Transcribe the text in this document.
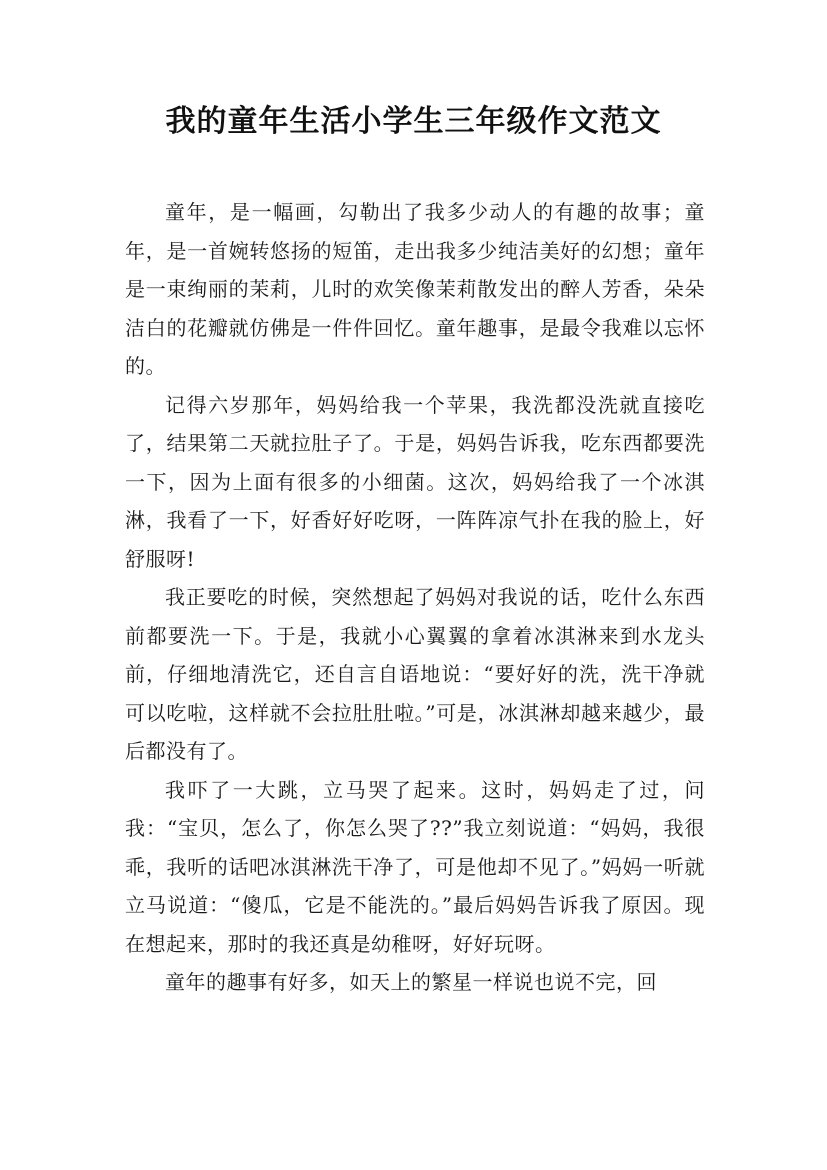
我的童年生活小学生三年级作文范文

童年，是一幅画，勾勒出了我多少动人的有趣的故事；童年，是一首婉转悠扬的短笛，走出我多少纯洁美好的幻想；童年是一束绚丽的茉莉，儿时的欢笑像茉莉散发出的醉人芳香，朵朵洁白的花瓣就仿佛是一件件回忆。童年趣事，是最令我难以忘怀的。

记得六岁那年，妈妈给我一个苹果，我洗都没洗就直接吃了，结果第二天就拉肚子了。于是，妈妈告诉我，吃东西都要洗一下，因为上面有很多的小细菌。这次，妈妈给我了一个冰淇淋，我看了一下，好香好好吃呀，一阵阵凉气扑在我的脸上，好舒服呀!

我正要吃的时候，突然想起了妈妈对我说的话，吃什么东西前都要洗一下。于是，我就小心翼翼的拿着冰淇淋来到水龙头前，仔细地清洗它，还自言自语地说：“要好好的洗，洗干净就可以吃啦，这样就不会拉肚肚啦。”可是，冰淇淋却越来越少，最后都没有了。

我吓了一大跳，立马哭了起来。这时，妈妈走了过，问我：“宝贝，怎么了，你怎么哭了??”我立刻说道：“妈妈，我很乖，我听的话吧冰淇淋洗干净了，可是他却不见了。”妈妈一听就立马说道：“傻瓜，它是不能洗的。”最后妈妈告诉我了原因。现在想起来，那时的我还真是幼稚呀，好好玩呀。

童年的趣事有好多，如天上的繁星一样说也说不完，回
